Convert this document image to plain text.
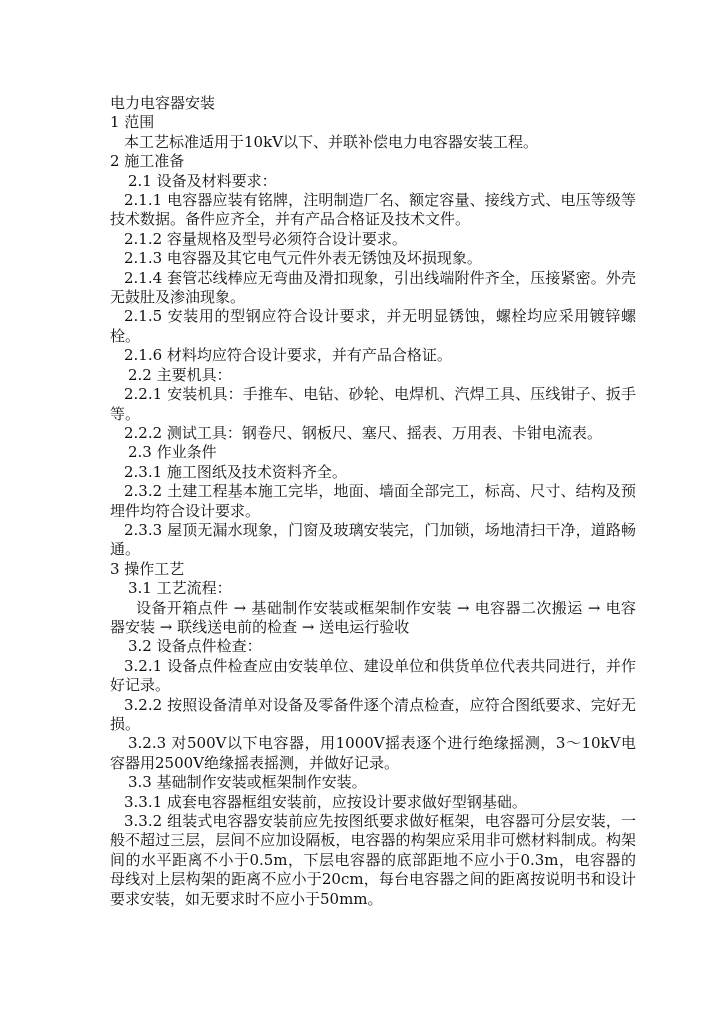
电力电容器安装
1 范围
本工艺标准适用于10kV以下、并联补偿电力电容器安装工程。
2 施工准备
2.1 设备及材料要求：
2.1.1 电容器应装有铭牌，注明制造厂名、额定容量、接线方式、电压等级等技术数据。备件应齐全，并有产品合格证及技术文件。
2.1.2 容量规格及型号必须符合设计要求。
2.1.3 电容器及其它电气元件外表无锈蚀及坏损现象。
2.1.4 套管芯线棒应无弯曲及滑扣现象，引出线端附件齐全，压接紧密。外壳无鼓肚及渗油现象。
2.1.5 安装用的型钢应符合设计要求，并无明显锈蚀，螺栓均应采用镀锌螺栓。
2.1.6 材料均应符合设计要求，并有产品合格证。
2.2 主要机具：
2.2.1 安装机具：手推车、电钻、砂轮、电焊机、汽焊工具、压线钳子、扳手等。
2.2.2 测试工具：钢卷尺、钢板尺、塞尺、摇表、万用表、卡钳电流表。
2.3 作业条件
2.3.1 施工图纸及技术资料齐全。
2.3.2 土建工程基本施工完毕，地面、墙面全部完工，标高、尺寸、结构及预埋件均符合设计要求。
2.3.3 屋顶无漏水现象，门窗及玻璃安装完，门加锁，场地清扫干净，道路畅通。
3 操作工艺
3.1 工艺流程：
设备开箱点件 → 基础制作安装或框架制作安装 → 电容器二次搬运 → 电容器安装 → 联线送电前的检查 → 送电运行验收
3.2 设备点件检查：
3.2.1 设备点件检查应由安装单位、建设单位和供货单位代表共同进行，并作好记录。
3.2.2 按照设备清单对设备及零备件逐个清点检查，应符合图纸要求、完好无损。
3.2.3 对500V以下电容器，用1000V摇表逐个进行绝缘摇测，3～10kV电容器用2500V绝缘摇表摇测，并做好记录。
3.3 基础制作安装或框架制作安装。
3.3.1 成套电容器框组安装前，应按设计要求做好型钢基础。
3.3.2 组装式电容器安装前应先按图纸要求做好框架，电容器可分层安装，一般不超过三层，层间不应加设隔板，电容器的构架应采用非可燃材料制成。构架间的水平距离不小于0.5m，下层电容器的底部距地不应小于0.3m，电容器的母线对上层构架的距离不应小于20cm，每台电容器之间的距离按说明书和设计要求安装，如无要求时不应小于50mm。
